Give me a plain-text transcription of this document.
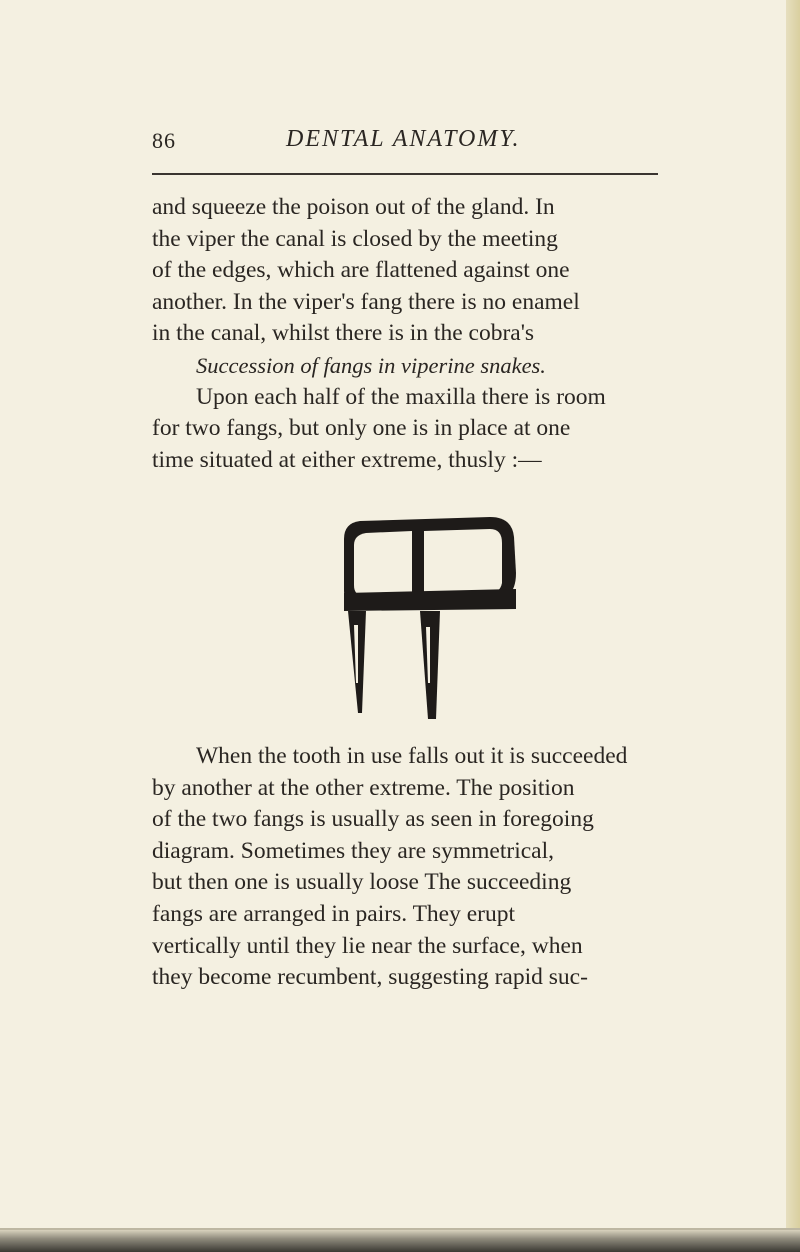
86	DENTAL ANATOMY.
and squeeze the poison out of the gland. In
the viper the canal is closed by the meeting
of the edges, which are flattened against one
another. In the viper's fang there is no enamel
in the canal, whilst there is in the cobra's
Succession of fangs in viperine snakes.
Upon each half of the maxilla there is room
for two fangs, but only one is in place at one
time situated at either extreme, thusly :—
When the tooth in use falls out it is succeeded
by another at the other extreme. The position
of the two fangs is usually as seen in foregoing
diagram. Sometimes they are symmetrical,
but then one is usually loose The succeeding
fangs are arranged in pairs. They erupt
vertically until they lie near the surface, when
they become recumbent, suggesting rapid suc-
